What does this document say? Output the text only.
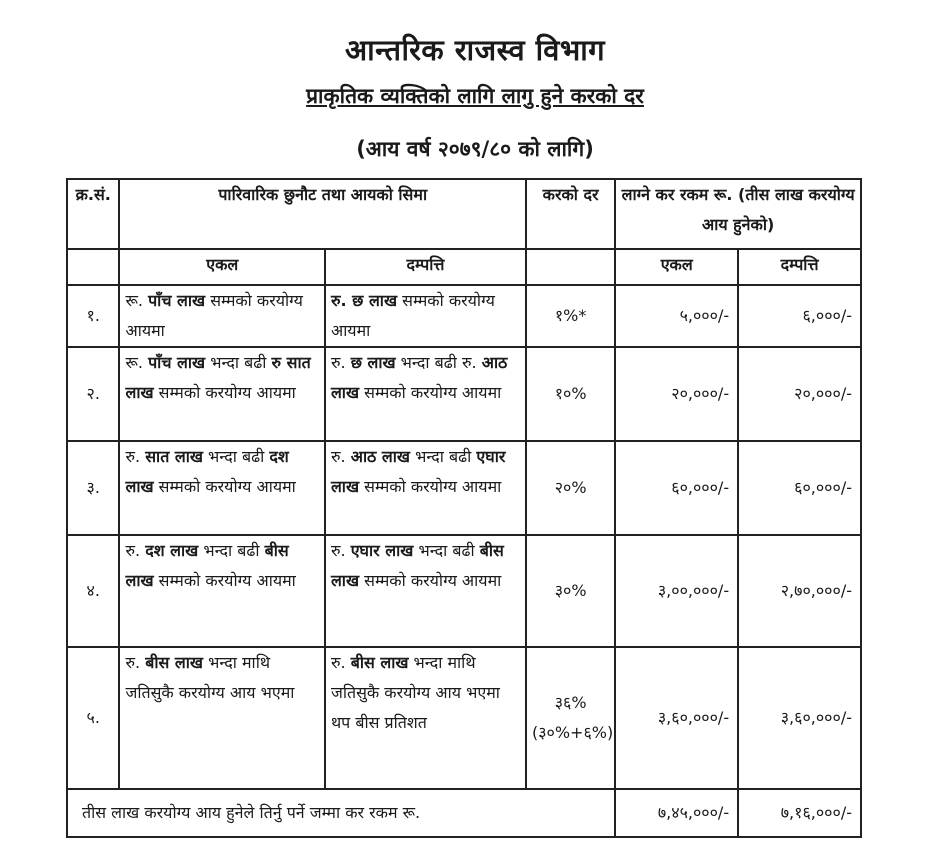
आन्तरिक राजस्व विभाग
प्राकृतिक व्यक्तिको लागि लागु हुने करको दर
(आय वर्ष २०७९/८० को लागि)
क्र.सं.	पारिवारिक छुनौट तथा आयको सिमा		करको दर	लाग्ने कर रकम रू. (तीस लाख करयोग्य आय हुनेको)	
	एकल	दम्पत्ति		एकल	दम्पत्ति
१.	रू. पाँच लाख सम्मको करयोग्य आयमा	रु. छ लाख सम्मको करयोग्य आयमा	१%*	५,०००/-	६,०००/-
२.	रू. पाँच लाख भन्दा बढी रु सात लाख सम्मको करयोग्य आयमा	रु. छ लाख भन्दा बढी रु. आठ लाख सम्मको करयोग्य आयमा	१०%	२०,०००/-	२०,०००/-
३.	रु. सात लाख भन्दा बढी दश लाख सम्मको करयोग्य आयमा	रु. आठ लाख भन्दा बढी एघार लाख सम्मको करयोग्य आयमा	२०%	६०,०००/-	६०,०००/-
४.	रु. दश लाख भन्दा बढी बीस लाख सम्मको करयोग्य आयमा	रु. एघार लाख भन्दा बढी बीस लाख सम्मको करयोग्य आयमा	३०%	३,००,०००/-	२,७०,०००/-
५.	रु. बीस लाख भन्दा माथि जतिसुकै करयोग्य आय भएमा	रु. बीस लाख भन्दा माथि जतिसुकै करयोग्य आय भएमा थप बीस प्रतिशत	३६% (३०%+६%)	३,६०,०००/-	३,६०,०००/-
तीस लाख करयोग्य आय हुनेले तिर्नु पर्ने जम्मा कर रकम रू.				७,४५,०००/-	७,१६,०००/-
